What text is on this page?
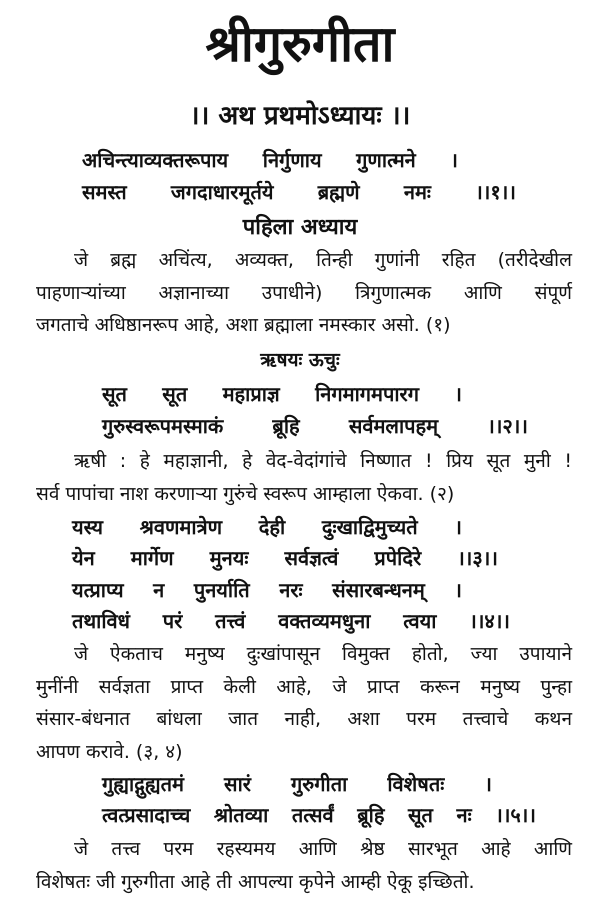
श्रीगुरुगीता
।। अथ प्रथमोऽध्यायः ।।
अचिन्त्याव्यक्तरूपाय निर्गुणाय गुणात्मने ।
समस्त जगदाधारमूर्तये ब्रह्मणे नमः ।।१।।
पहिला अध्याय
जे ब्रह्म अचिंत्य, अव्यक्त, तिन्ही गुणांनी रहित (तरीदेखील
पाहणाऱ्यांच्या अज्ञानाच्या उपाधीने) त्रिगुणात्मक आणि संपूर्ण
जगताचे अधिष्ठानरूप आहे, अशा ब्रह्माला नमस्कार असो. (१)
ऋषयः ऊचुः
सूत सूत महाप्राज्ञ निगमागमपारग ।
गुरुस्वरूपमस्माकं ब्रूहि सर्वमलापहम् ।।२।।
ऋषी : हे महाज्ञानी, हे वेद-वेदांगांचे निष्णात ! प्रिय सूत मुनी !
सर्व पापांचा नाश करणाऱ्या गुरुंचे स्वरूप आम्हाला ऐकवा. (२)
यस्य श्रवणमात्रेण देही दुःखाद्विमुच्यते ।
येन मार्गेण मुनयः सर्वज्ञत्वं प्रपेदिरे ।।३।।
यत्प्राप्य न पुनर्याति नरः संसारबन्धनम् ।
तथाविधं परं तत्त्वं वक्तव्यमधुना त्वया ।।४।।
जे ऐकताच मनुष्य दुःखांपासून विमुक्त होतो, ज्या उपायाने
मुनींनी सर्वज्ञता प्राप्त केली आहे, जे प्राप्त करून मनुष्य पुन्हा
संसार-बंधनात बांधला जात नाही, अशा परम तत्त्वाचे कथन
आपण करावे. (३, ४)
गुह्याद्गुह्यतमं सारं गुरुगीता विशेषतः ।
त्वत्प्रसादाच्च श्रोतव्या तत्सर्वं ब्रूहि सूत नः ।।५।।
जे तत्त्व परम रहस्यमय आणि श्रेष्ठ सारभूत आहे आणि
विशेषतः जी गुरुगीता आहे ती आपल्या कृपेने आम्ही ऐकू इच्छितो.
